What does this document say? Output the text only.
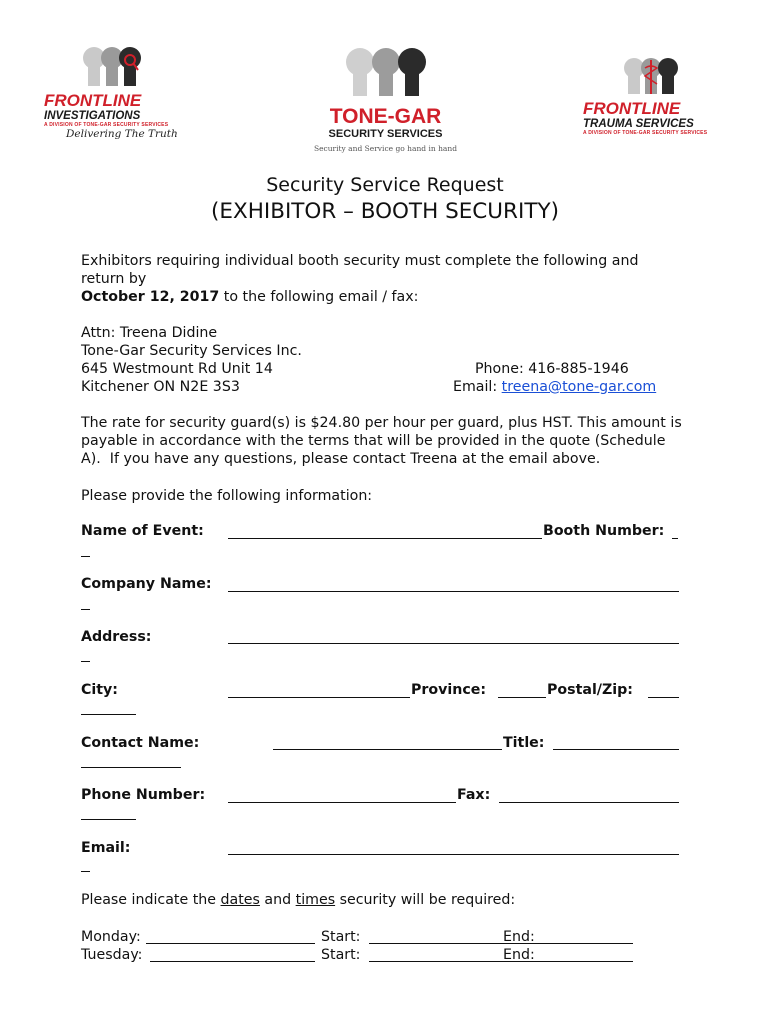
FRONTLINE
INVESTIGATIONS
A DIVISION OF TONE-GAR SECURITY SERVICES
Delivering The Truth
TONE-GAR
SECURITY SERVICES
Security and Service go hand in hand
FRONTLINE
TRAUMA SERVICES
A DIVISION OF TONE-GAR SECURITY SERVICES
Security Service Request
(EXHIBITOR – BOOTH SECURITY)
Exhibitors requiring individual booth security must complete the following and
return by
October 12, 2017 to the following email / fax:
Attn: Treena Didine
Tone-Gar Security Services Inc.
645 Westmount Rd Unit 14
Kitchener ON N2E 3S3
Phone: 416-885-1946
Email: treena@tone-gar.com
The rate for security guard(s) is $24.80 per hour per guard, plus HST. This amount is
payable in accordance with the terms that will be provided in the quote (Schedule
A).  If you have any questions, please contact Treena at the email above.
Please provide the following information:
Name of Event:	Booth Number:
Company Name:
Address:
City:	Province:	Postal/Zip:
Contact Name:	Title:
Phone Number:	Fax:
Email:
Please indicate the dates and times security will be required:
Monday:	Start:	End:
Tuesday:	Start:	End:
